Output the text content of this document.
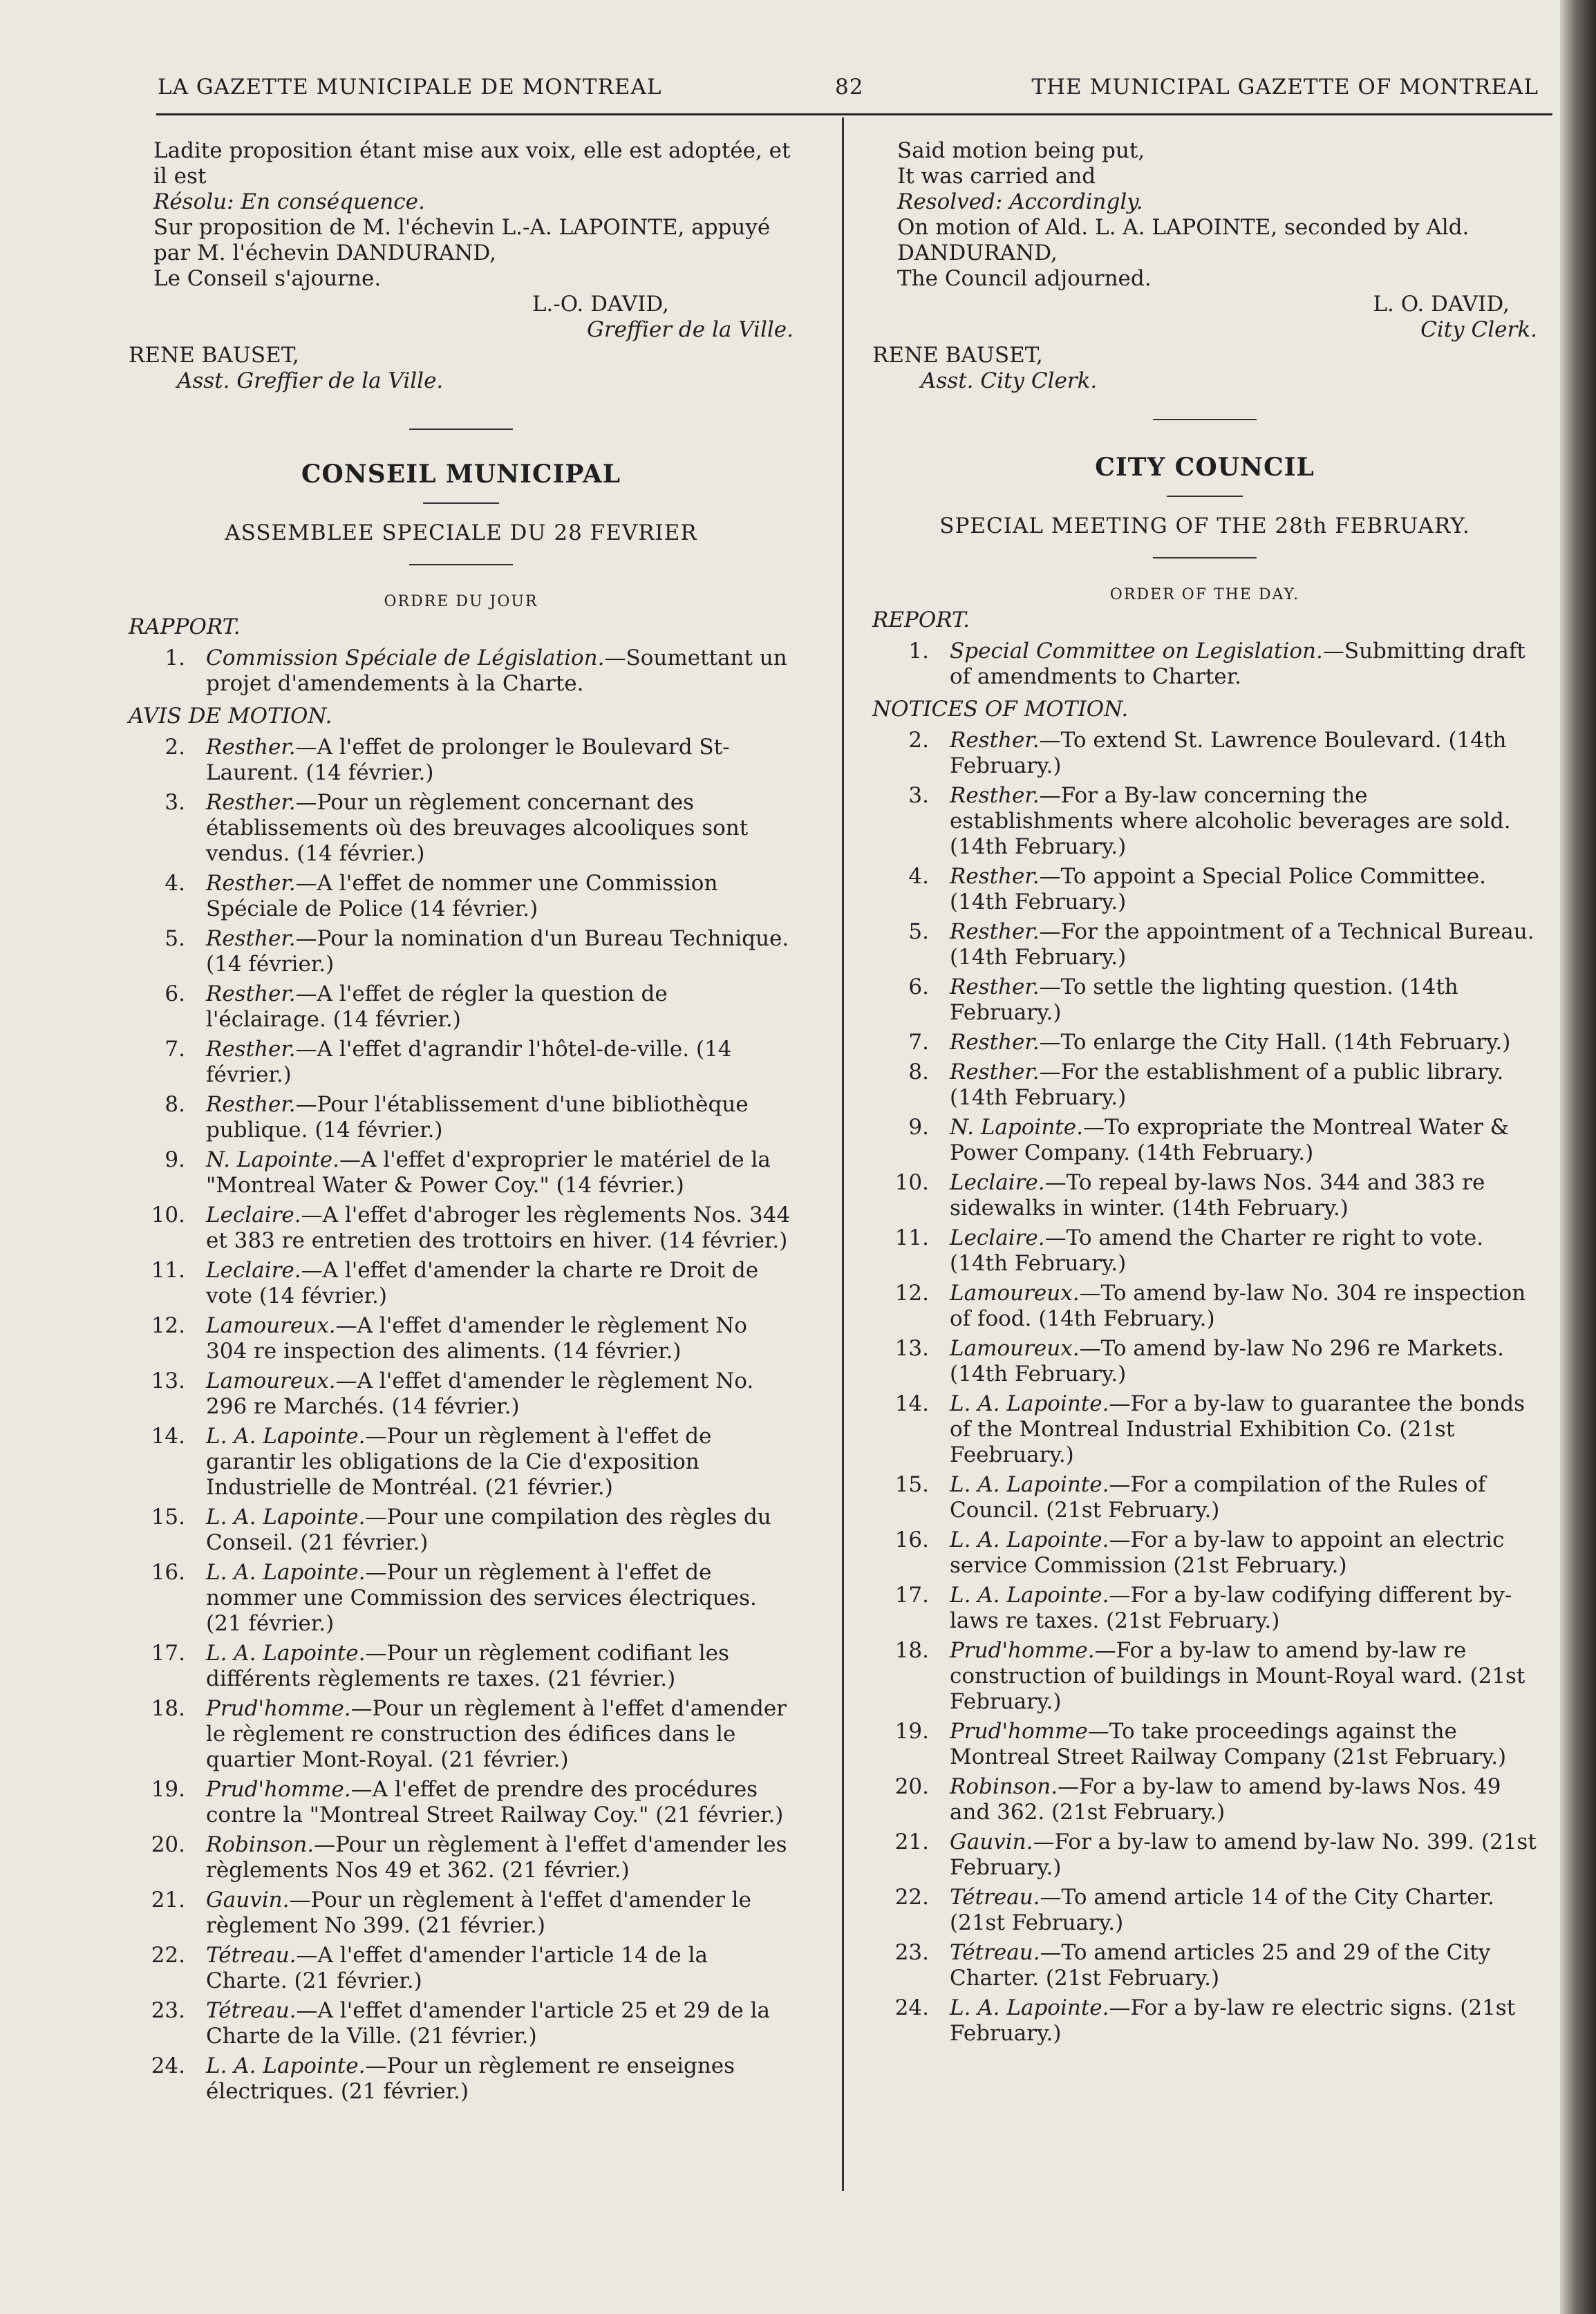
LA GAZETTE MUNICIPALE DE MONTREAL	82	THE MUNICIPAL GAZETTE OF MONTREAL

Ladite proposition étant mise aux voix, elle est adoptée, et il est

Résolu: En conséquence.

Sur proposition de M. l'échevin L.-A. LAPOINTE, appuyé par M. l'échevin DANDURAND,

Le Conseil s'ajourne.

L.-O. DAVID,

Greffier de la Ville.

RENE BAUSET,

Asst. Greffier de la Ville.

CONSEIL MUNICIPAL

ASSEMBLEE SPECIALE DU 28 FEVRIER

ORDRE DU JOUR

RAPPORT.

1. Commission Spéciale de Législation.—Soumettant un projet d'amendements à la Charte.

AVIS DE MOTION.

2. Resther.—A l'effet de prolonger le Boulevard St-Laurent. (14 février.)
3. Resther.—Pour un règlement concernant des établissements où des breuvages alcooliques sont vendus. (14 février.)
4. Resther.—A l'effet de nommer une Commission Spéciale de Police (14 février.)
5. Resther.—Pour la nomination d'un Bureau Technique. (14 février.)
6. Resther.—A l'effet de régler la question de l'éclairage. (14 février.)
7. Resther.—A l'effet d'agrandir l'hôtel-de-ville. (14 février.)
8. Resther.—Pour l'établissement d'une bibliothèque publique. (14 février.)
9. N. Lapointe.—A l'effet d'exproprier le matériel de la "Montreal Water & Power Coy." (14 février.)
10. Leclaire.—A l'effet d'abroger les règlements Nos. 344 et 383 re entretien des trottoirs en hiver. (14 février.)
11. Leclaire.—A l'effet d'amender la charte re Droit de vote (14 février.)
12. Lamoureux.—A l'effet d'amender le règlement No 304 re inspection des aliments. (14 février.)
13. Lamoureux.—A l'effet d'amender le règlement No. 296 re Marchés. (14 février.)
14. L. A. Lapointe.—Pour un règlement à l'effet de garantir les obligations de la Cie d'exposition Industrielle de Montréal. (21 février.)
15. L. A. Lapointe.—Pour une compilation des règles du Conseil. (21 février.)
16. L. A. Lapointe.—Pour un règlement à l'effet de nommer une Commission des services électriques. (21 février.)
17. L. A. Lapointe.—Pour un règlement codifiant les différents règlements re taxes. (21 février.)
18. Prud'homme.—Pour un règlement à l'effet d'amender le règlement re construction des édifices dans le quartier Mont-Royal. (21 février.)
19. Prud'homme.—A l'effet de prendre des procédures contre la "Montreal Street Railway Coy." (21 février.)
20. Robinson.—Pour un règlement à l'effet d'amender les règlements Nos 49 et 362. (21 février.)
21. Gauvin.—Pour un règlement à l'effet d'amender le règlement No 399. (21 février.)
22. Tétreau.—A l'effet d'amender l'article 14 de la Charte. (21 février.)
23. Tétreau.—A l'effet d'amender l'article 25 et 29 de la Charte de la Ville. (21 février.)
24. L. A. Lapointe.—Pour un règlement re enseignes électriques. (21 février.)

Said motion being put,

It was carried and

Resolved: Accordingly.

On motion of Ald. L. A. LAPOINTE, seconded by Ald. DANDURAND,

The Council adjourned.

L. O. DAVID,

City Clerk.

RENE BAUSET,

Asst. City Clerk.

CITY COUNCIL

SPECIAL MEETING OF THE 28th FEBRUARY.

ORDER OF THE DAY.

REPORT.

1. Special Committee on Legislation.—Submitting draft of amendments to Charter.

NOTICES OF MOTION.

2. Resther.—To extend St. Lawrence Boulevard. (14th February.)
3. Resther.—For a By-law concerning the establishments where alcoholic beverages are sold. (14th February.)
4. Resther.—To appoint a Special Police Committee. (14th February.)
5. Resther.—For the appointment of a Technical Bureau. (14th February.)
6. Resther.—To settle the lighting question. (14th February.)
7. Resther.—To enlarge the City Hall. (14th February.)
8. Resther.—For the establishment of a public library. (14th February.)
9. N. Lapointe.—To expropriate the Montreal Water & Power Company. (14th February.)
10. Leclaire.—To repeal by-laws Nos. 344 and 383 re sidewalks in winter. (14th February.)
11. Leclaire.—To amend the Charter re right to vote. (14th February.)
12. Lamoureux.—To amend by-law No. 304 re inspection of food. (14th February.)
13. Lamoureux.—To amend by-law No 296 re Markets. (14th February.)
14. L. A. Lapointe.—For a by-law to guarantee the bonds of the Montreal Industrial Exhibition Co. (21st Feebruary.)
15. L. A. Lapointe.—For a compilation of the Rules of Council. (21st February.)
16. L. A. Lapointe.—For a by-law to appoint an electric service Commission (21st February.)
17. L. A. Lapointe.—For a by-law codifying different by-laws re taxes. (21st February.)
18. Prud'homme.—For a by-law to amend by-law re construction of buildings in Mount-Royal ward. (21st February.)
19. Prud'homme—To take proceedings against the Montreal Street Railway Company (21st February.)
20. Robinson.—For a by-law to amend by-laws Nos. 49 and 362. (21st February.)
21. Gauvin.—For a by-law to amend by-law No. 399. (21st February.)
22. Tétreau.—To amend article 14 of the City Charter. (21st February.)
23. Tétreau.—To amend articles 25 and 29 of the City Charter. (21st February.)
24. L. A. Lapointe.—For a by-law re electric signs. (21st February.)
